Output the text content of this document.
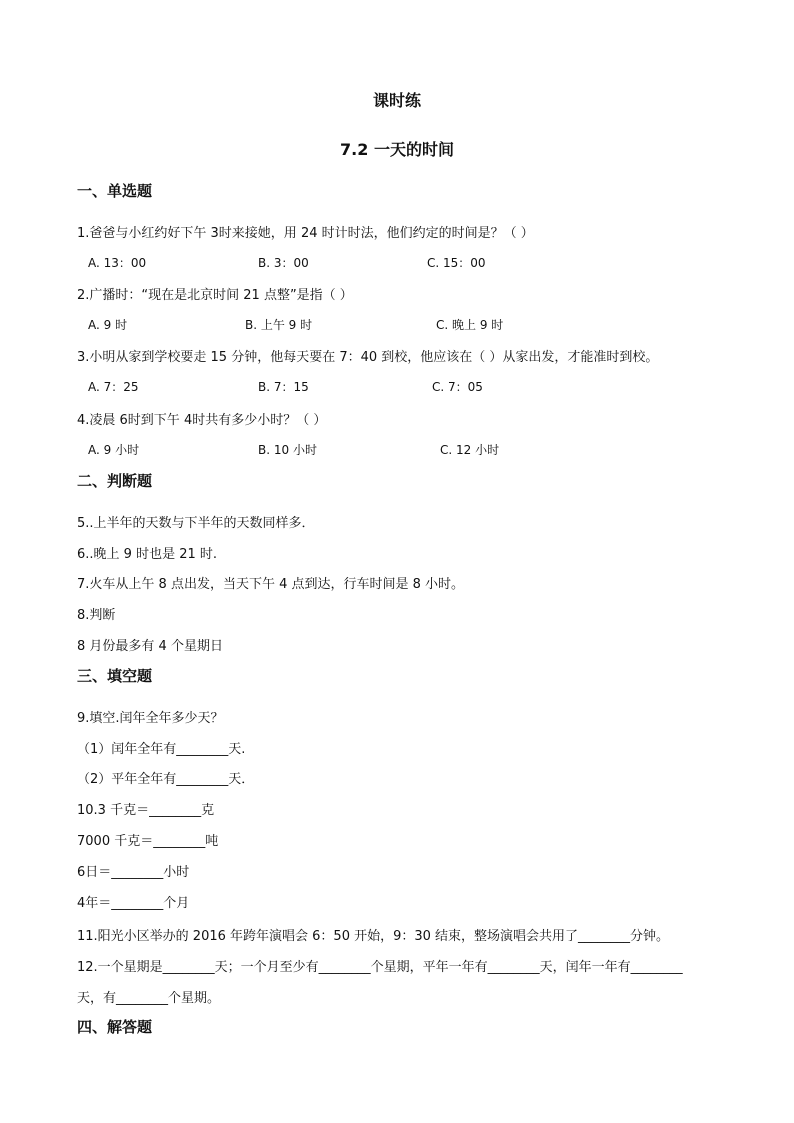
课时练
7.2 一天的时间
一、单选题
1.爸爸与小红约好下午 3时来接她，用 24 时计时法，他们约定的时间是？（ ）
A. 13：00	B. 3：00	C. 15：00
2.广播时：“现在是北京时间 21 点整”是指（ ）
A. 9 时	B. 上午 9 时	C. 晚上 9 时
3.小明从家到学校要走 15 分钟，他每天要在 7：40 到校，他应该在（ ）从家出发，才能准时到校。
A. 7：25	B. 7：15	C. 7：05
4.凌晨 6时到下午 4时共有多少小时？（ ）
A. 9 小时	B. 10 小时	C. 12 小时
二、判断题
5..上半年的天数与下半年的天数同样多．
6..晚上 9 时也是 21 时.
7.火车从上午 8 点出发，当天下午 4 点到达，行车时间是 8 小时。
8.判断
8 月份最多有 4 个星期日
三、填空题
9.填空.闰年全年多少天？
（1）闰年全年有________天.
（2）平年全年有________天．
10.3 千克＝________克
7000 千克＝________吨
6日＝________小时
4年＝________个月
11.阳光小区举办的 2016 年跨年演唱会 6：50 开始，9：30 结束，整场演唱会共用了________分钟。
12.一个星期是________天；一个月至少有________个星期，平年一年有________天，闰年一年有________
天，有________个星期。
四、解答题
